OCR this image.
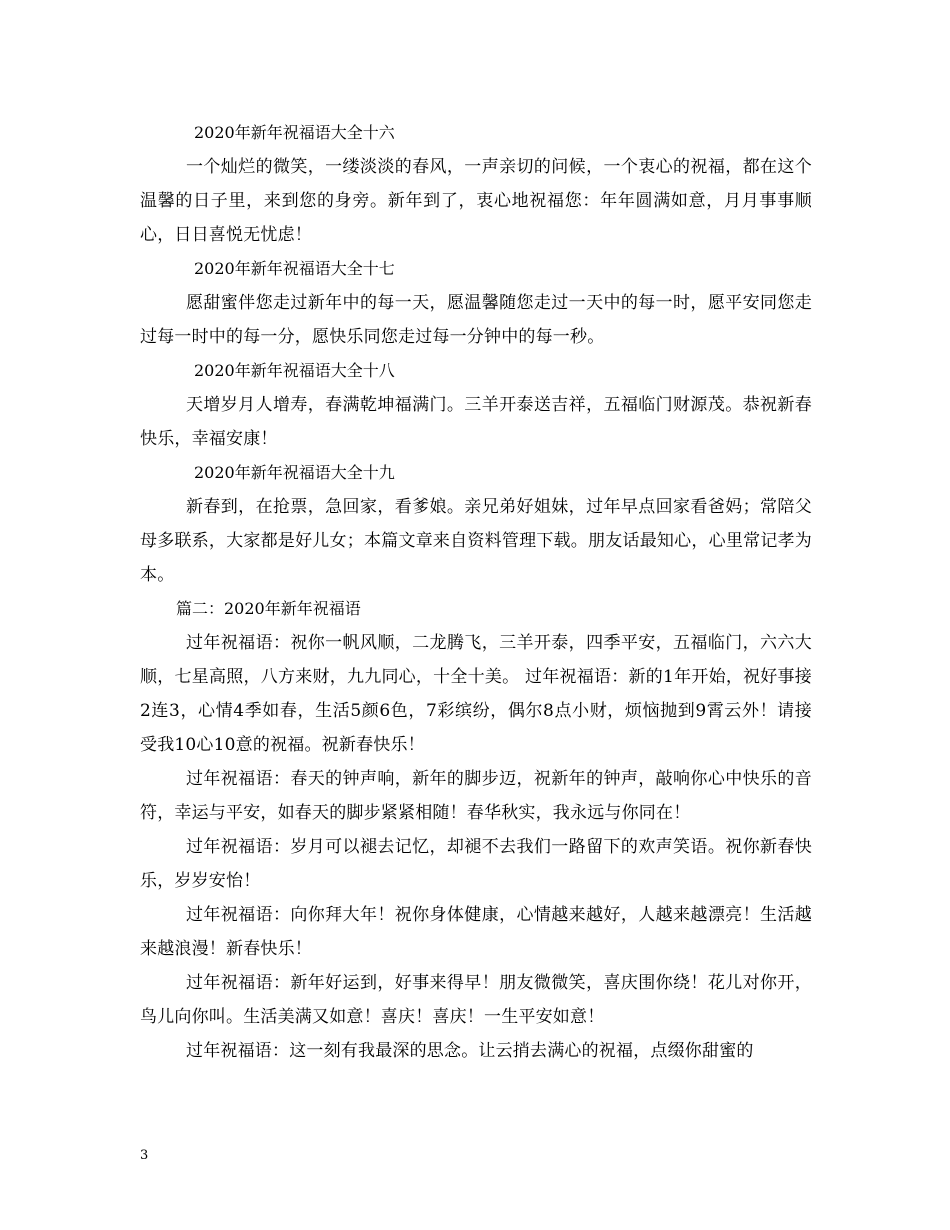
2020年新年祝福语大全十六

一个灿烂的微笑，一缕淡淡的春风，一声亲切的问候，一个衷心的祝福，都在这个温馨的日子里，来到您的身旁。新年到了，衷心地祝福您：年年圆满如意，月月事事顺心，日日喜悦无忧虑！

2020年新年祝福语大全十七

愿甜蜜伴您走过新年中的每一天，愿温馨随您走过一天中的每一时，愿平安同您走过每一时中的每一分，愿快乐同您走过每一分钟中的每一秒。

2020年新年祝福语大全十八

天增岁月人增寿，春满乾坤福满门。三羊开泰送吉祥，五福临门财源茂。恭祝新春快乐，幸福安康！

2020年新年祝福语大全十九

新春到，在抢票，急回家，看爹娘。亲兄弟好姐妹，过年早点回家看爸妈；常陪父母多联系，大家都是好儿女；本篇文章来自资料管理下载。朋友话最知心，心里常记孝为本。

篇二：2020年新年祝福语

过年祝福语：祝你一帆风顺，二龙腾飞，三羊开泰，四季平安，五福临门，六六大顺，七星高照，八方来财，九九同心，十全十美。 过年祝福语：新的1年开始，祝好事接2连3，心情4季如春，生活5颜6色，7彩缤纷，偶尔8点小财，烦恼抛到9霄云外！请接受我10心10意的祝福。祝新春快乐！

过年祝福语：春天的钟声响，新年的脚步迈，祝新年的钟声，敲响你心中快乐的音符，幸运与平安，如春天的脚步紧紧相随！春华秋实，我永远与你同在！

过年祝福语：岁月可以褪去记忆，却褪不去我们一路留下的欢声笑语。祝你新春快乐，岁岁安怡！

过年祝福语：向你拜大年！祝你身体健康，心情越来越好，人越来越漂亮！生活越来越浪漫！新春快乐！

过年祝福语：新年好运到，好事来得早！朋友微微笑，喜庆围你绕！花儿对你开，鸟儿向你叫。生活美满又如意！喜庆！喜庆！一生平安如意！

过年祝福语：这一刻有我最深的思念。让云捎去满心的祝福，点缀你甜蜜的

3
